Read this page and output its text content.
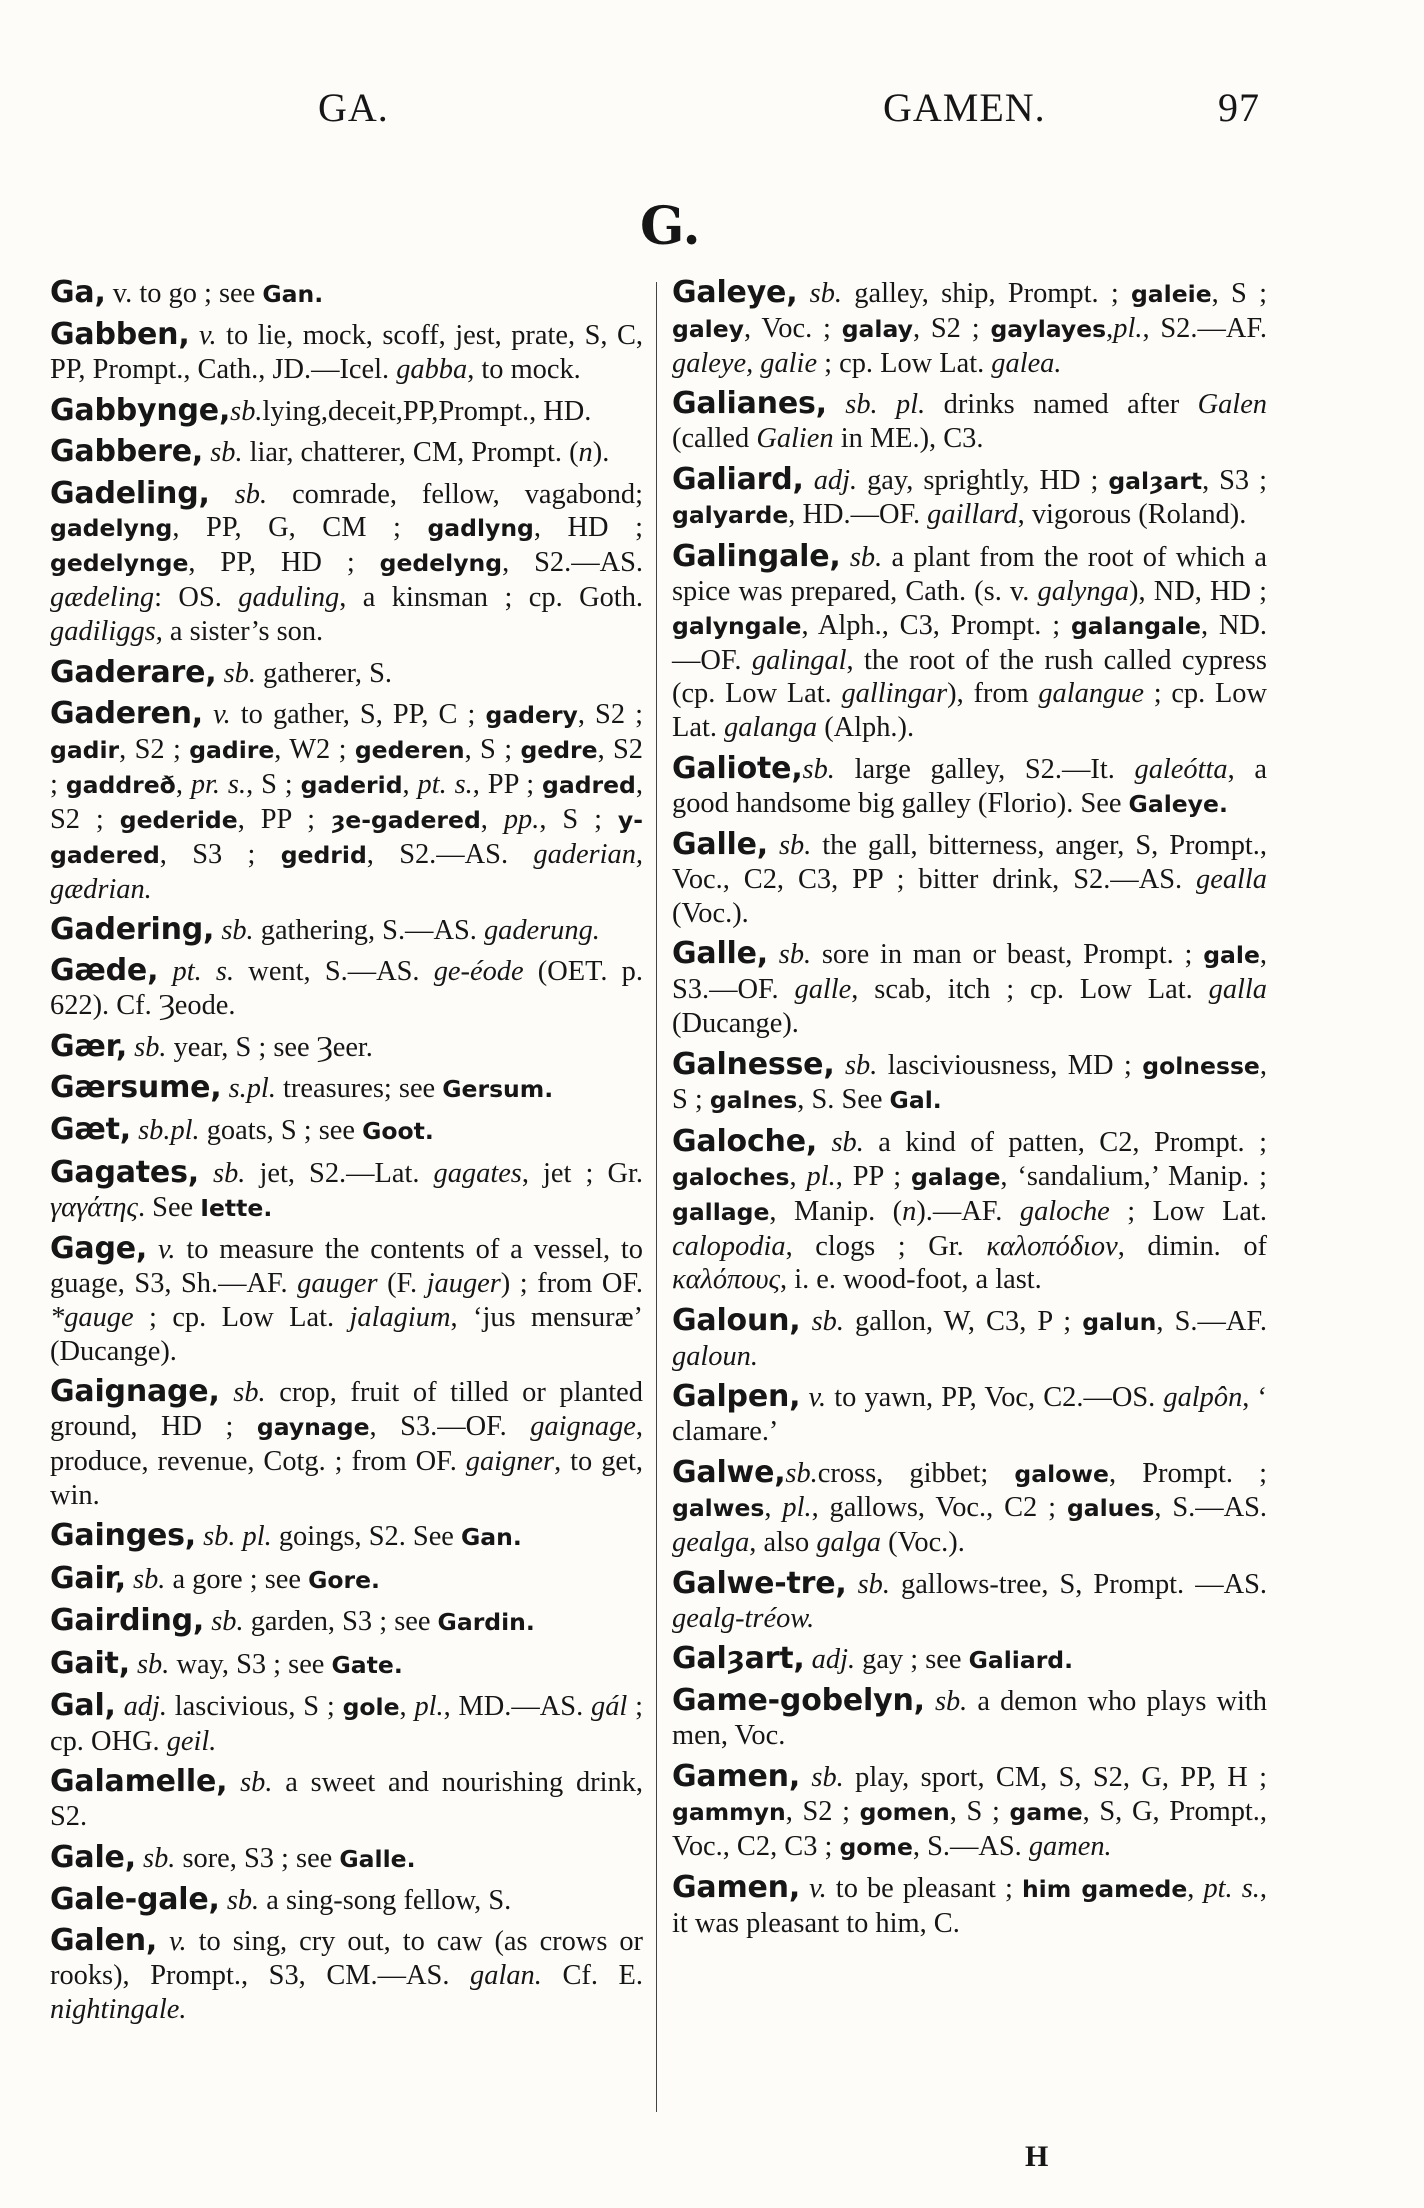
GA.	GAMEN.	97
G.
Ga, v. to go ; see Gan.
Gabben, v. to lie, mock, scoff, jest, prate, S, C, PP, Prompt., Cath., JD.—Icel. gabba, to mock.
Gabbynge,sb.lying,deceit,PP,Prompt., HD.
Gabbere, sb. liar, chatterer, CM, Prompt. (n).
Gadeling, sb. comrade, fellow, vagabond; gadelyng, PP, G, CM ; gadlyng, HD ; gedelynge, PP, HD ; gedelyng, S2.—AS. gædeling: OS. gaduling, a kinsman ; cp. Goth. gadiliggs, a sister’s son.
Gaderare, sb. gatherer, S.
Gaderen, v. to gather, S, PP, C ; gadery, S2 ; gadir, S2 ; gadire, W2 ; gederen, S ; gedre, S2 ; gaddreð, pr. s., S ; gaderid, pt. s., PP ; gadred, S2 ; gederide, PP ; ȝe-gadered, pp., S ; y-gadered, S3 ; gedrid, S2.—AS. gaderian, gædrian.
Gadering, sb. gathering, S.—AS. gaderung.
Gæde, pt. s. went, S.—AS. ge-éode (OET. p. 622). Cf. Ȝeode.
Gær, sb. year, S ; see Ȝeer.
Gærsume, s.pl. treasures; see Gersum.
Gæt, sb.pl. goats, S ; see Goot.
Gagates, sb. jet, S2.—Lat. gagates, jet ; Gr. γαγάτης. See Iette.
Gage, v. to measure the contents of a vessel, to guage, S3, Sh.—AF. gauger (F. jauger) ; from OF. *gauge ; cp. Low Lat. jalagium, ‘jus mensuræ’ (Ducange).
Gaignage, sb. crop, fruit of tilled or planted ground, HD ; gaynage, S3.—OF. gaignage, produce, revenue, Cotg. ; from OF. gaigner, to get, win.
Gainges, sb. pl. goings, S2. See Gan.
Gair, sb. a gore ; see Gore.
Gairding, sb. garden, S3 ; see Gardin.
Gait, sb. way, S3 ; see Gate.
Gal, adj. lascivious, S ; gole, pl., MD.—AS. gál ; cp. OHG. geil.
Galamelle, sb. a sweet and nourishing drink, S2.
Gale, sb. sore, S3 ; see Galle.
Gale-gale, sb. a sing-song fellow, S.
Galen, v. to sing, cry out, to caw (as crows or rooks), Prompt., S3, CM.—AS. galan. Cf. E. nightingale.
Galeye, sb. galley, ship, Prompt. ; galeie, S ; galey, Voc. ; galay, S2 ; gaylayes,pl., S2.—AF. galeye, galie ; cp. Low Lat. galea.
Galianes, sb. pl. drinks named after Galen (called Galien in ME.), C3.
Galiard, adj. gay, sprightly, HD ; galȝart, S3 ; galyarde, HD.—OF. gaillard, vigorous (Roland).
Galingale, sb. a plant from the root of which a spice was prepared, Cath. (s. v. galynga), ND, HD ; galyngale, Alph., C3, Prompt. ; galangale, ND.—OF. galingal, the root of the rush called cypress (cp. Low Lat. gallingar), from galangue ; cp. Low Lat. galanga (Alph.).
Galiote,sb. large galley, S2.—It. galeótta, a good handsome big galley (Florio). See Galeye.
Galle, sb. the gall, bitterness, anger, S, Prompt., Voc., C2, C3, PP ; bitter drink, S2.—AS. gealla (Voc.).
Galle, sb. sore in man or beast, Prompt. ; gale, S3.—OF. galle, scab, itch ; cp. Low Lat. galla (Ducange).
Galnesse, sb. lasciviousness, MD ; golnesse, S ; galnes, S. See Gal.
Galoche, sb. a kind of patten, C2, Prompt. ; galoches, pl., PP ; galage, ‘sandalium,’ Manip. ; gallage, Manip. (n).—AF. galoche ; Low Lat. calopodia, clogs ; Gr. καλοπόδιον, dimin. of καλόπους, i. e. wood-foot, a last.
Galoun, sb. gallon, W, C3, P ; galun, S.—AF. galoun.
Galpen, v. to yawn, PP, Voc, C2.—OS. galpôn, ‘ clamare.’
Galwe,sb.cross, gibbet; galowe, Prompt. ; galwes, pl., gallows, Voc., C2 ; galues, S.—AS. gealga, also galga (Voc.).
Galwe-tre, sb. gallows-tree, S, Prompt. —AS. gealg-tréow.
Galȝart, adj. gay ; see Galiard.
Game-gobelyn, sb. a demon who plays with men, Voc.
Gamen, sb. play, sport, CM, S, S2, G, PP, H ; gammyn, S2 ; gomen, S ; game, S, G, Prompt., Voc., C2, C3 ; gome, S.—AS. gamen.
Gamen, v. to be pleasant ; him gamede, pt. s., it was pleasant to him, C.
H
